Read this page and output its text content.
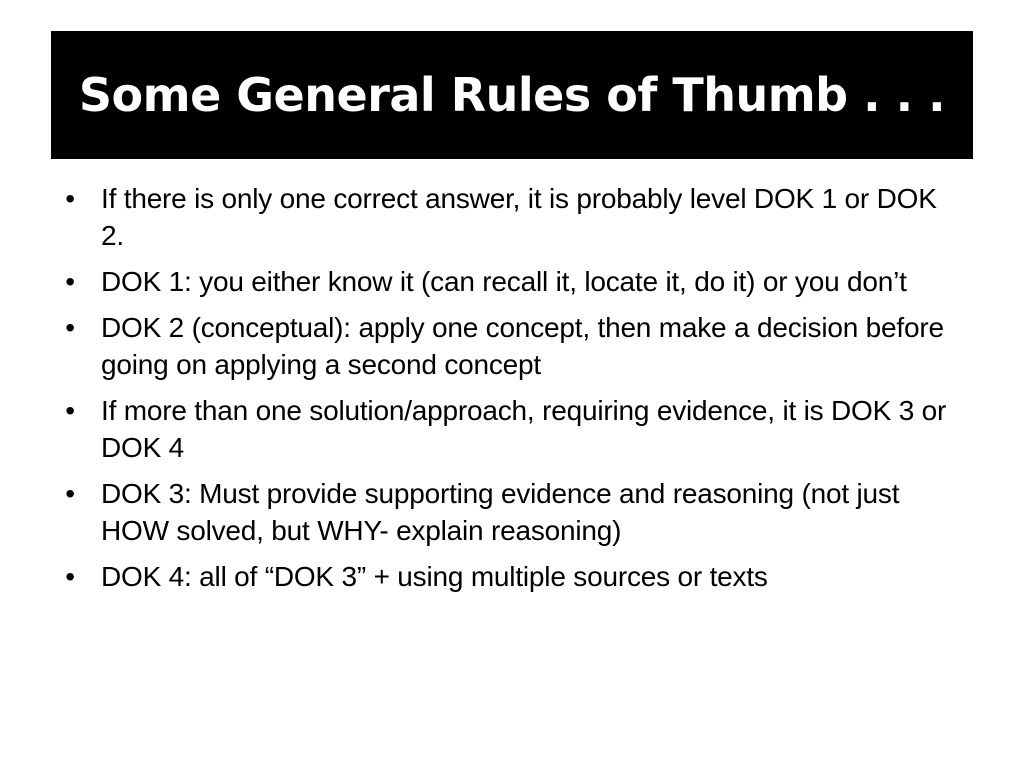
Some General Rules of Thumb . . .
• If there is only one correct answer, it is probably level DOK 1 or DOK 2.
• DOK 1: you either know it (can recall it, locate it, do it) or you don’t
• DOK 2 (conceptual): apply one concept, then make a decision before going on applying a second concept
• If more than one solution/approach, requiring evidence, it is DOK 3 or DOK 4
• DOK 3: Must provide supporting evidence and reasoning (not just HOW solved, but WHY- explain reasoning)
• DOK 4: all of “DOK 3” + using multiple sources or texts
